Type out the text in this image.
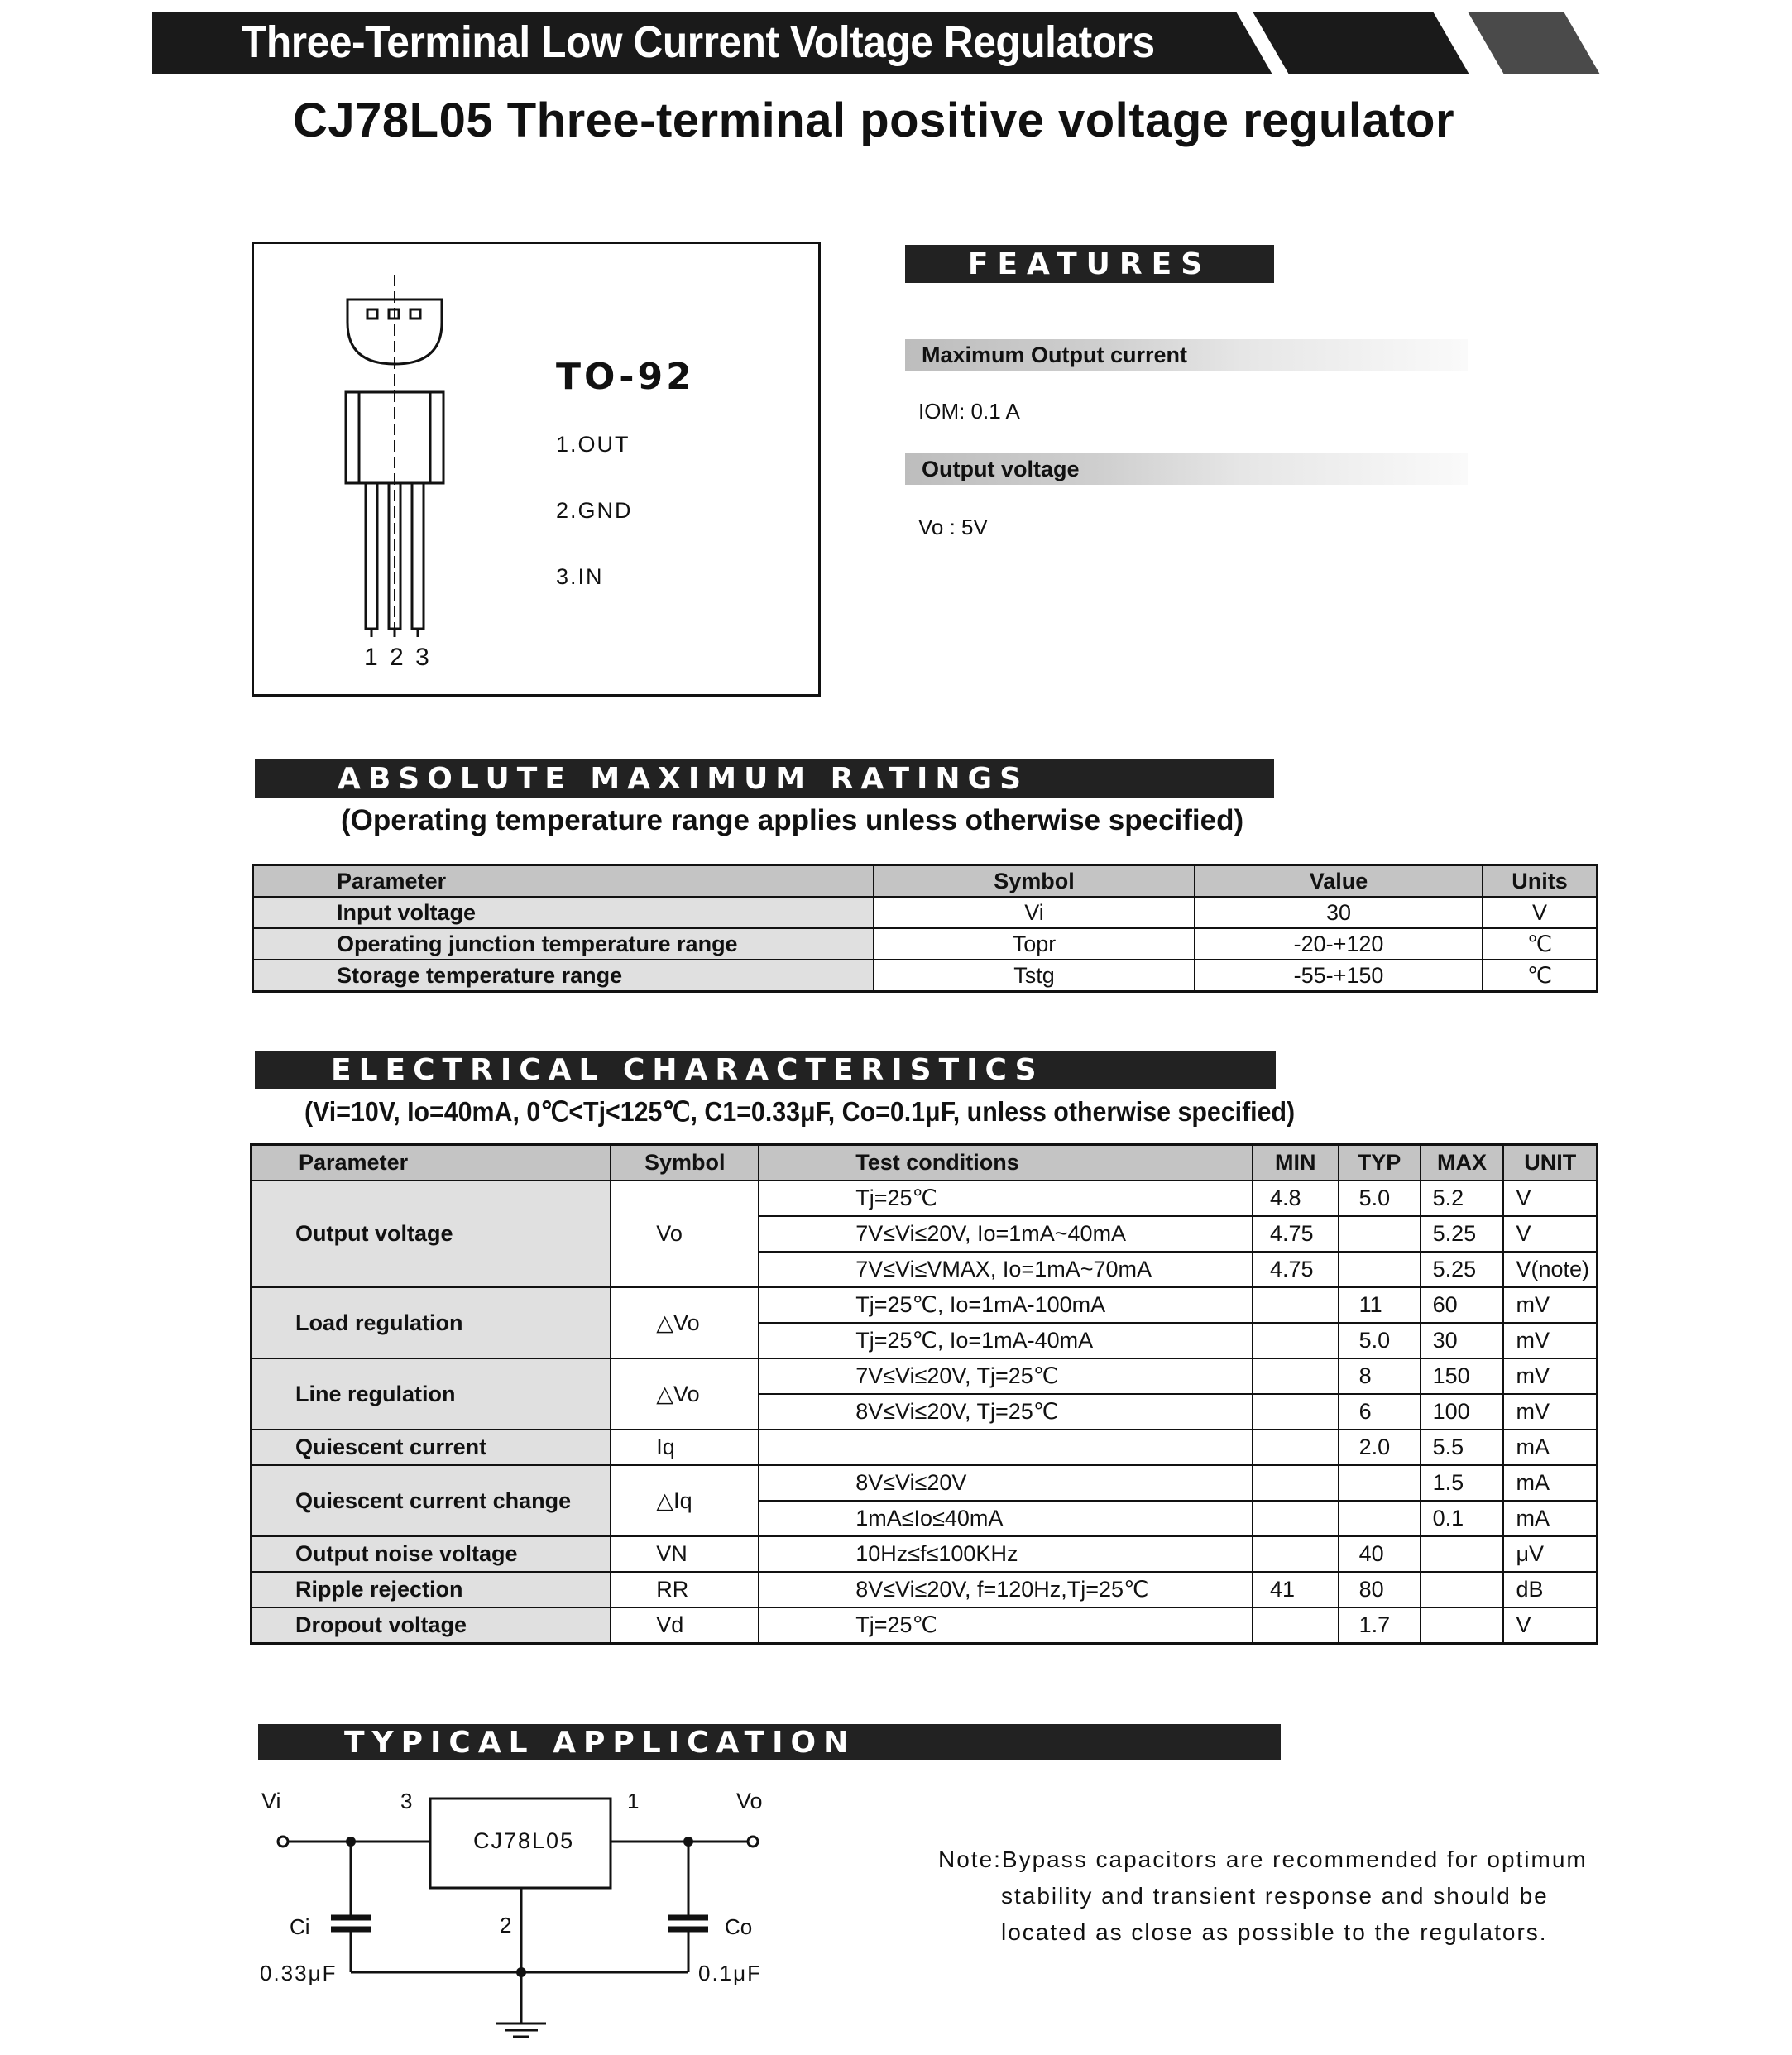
Three-Terminal Low Current Voltage Regulators
CJ78L05 Three-terminal positive voltage regulator
1 2 3
TO-92
1.OUT
2.GND
3.IN
FEATURES
Maximum Output current
IOM: 0.1 A
Output voltage
Vo : 5V
ABSOLUTE MAXIMUM RATINGS
(Operating temperature range applies unless otherwise specified)
Parameter	Symbol	Value	Units
Input voltage	Vi	30	V
Operating junction temperature range	Topr	-20-+120	℃
Storage temperature range	Tstg	-55-+150	℃
ELECTRICAL CHARACTERISTICS
(Vi=10V, Io=40mA, 0℃<Tj<125℃, C1=0.33μF, Co=0.1μF, unless otherwise specified)
Parameter	Symbol	Test conditions	MIN	TYP	MAX	UNIT
Output voltage	Vo	Tj=25℃	4.8	5.0	5.2	V
		7V≤Vi≤20V, Io=1mA~40mA	4.75		5.25	V
		7V≤Vi≤VMAX, Io=1mA~70mA	4.75		5.25	V(note)
Load regulation	△Vo	Tj=25℃, Io=1mA-100mA		11	60	mV
		Tj=25℃, Io=1mA-40mA		5.0	30	mV
Line regulation	△Vo	7V≤Vi≤20V, Tj=25℃		8	150	mV
		8V≤Vi≤20V, Tj=25℃		6	100	mV
Quiescent current	Iq			2.0	5.5	mA
Quiescent current change	△Iq	8V≤Vi≤20V			1.5	mA
		1mA≤Io≤40mA			0.1	mA
Output noise voltage	VN	10Hz≤f≤100KHz		40		μV
Ripple rejection	RR	8V≤Vi≤20V, f=120Hz,Tj=25℃	41	80		dB
Dropout voltage	Vd	Tj=25℃		1.7		V
TYPICAL APPLICATION
CJ78L05
Vi	Vo
3	1
2
Ci
0.33μF
Co
0.1μF
Note:Bypass capacitors are recommended for optimum
stability and transient response and should be
located as close as possible to the regulators.
